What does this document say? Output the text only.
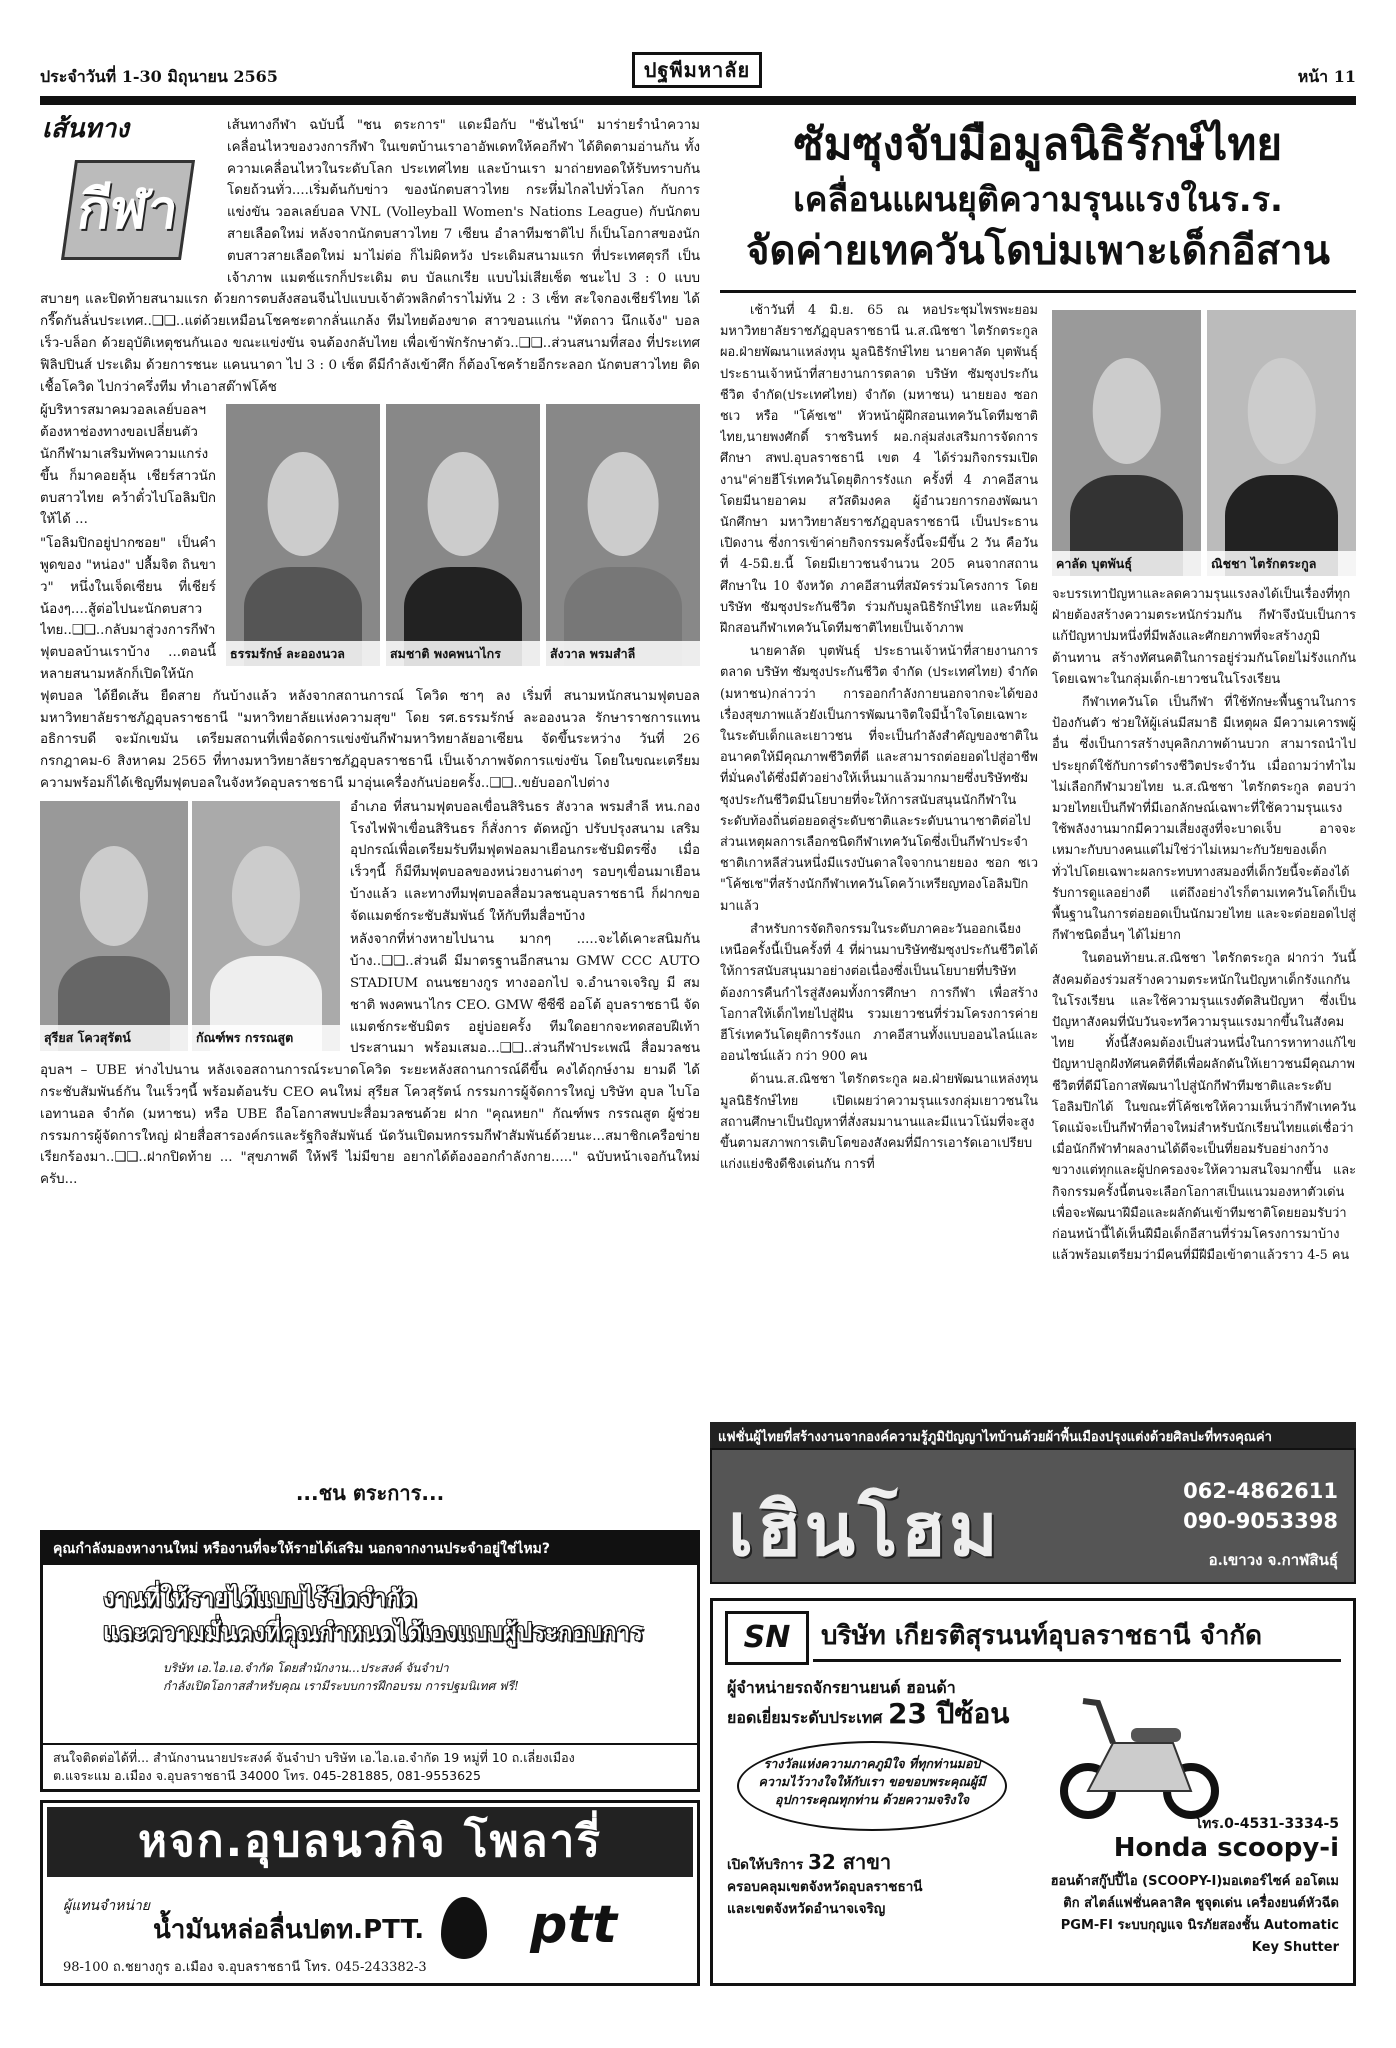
ประจำวันที่ 1-30 มิถุนายน 2565	หน้า 11
ปฐพีมหาลัย
เส้นทาง
กีฬา

เส้นทางกีฬา ฉบับนี้ "ชน ตระการ" แดะมือกับ "ชันไชน์" มาร่ายรำนำความเคลื่อนไหวของวงการกีฬา ในเขตบ้านเราอาอัพเดทให้คอกีฬา ได้ติดตามอ่านกัน ทั้งความเคลื่อนไหวในระดับโลก ประเทศไทย และบ้านเรา มาถ่ายทอดให้รับทราบกันโดยถ้วนทั่ว....เริ่มต้นกับข่าว ของนักตบสาวไทย กระหึ่มไกลไปทั่วโลก กับการแข่งขัน วอลเลย์บอล VNL (Volleyball Women's Nations League) กับนักตบสายเลือดใหม่ หลังจากนักตบสาวไทย 7 เซียน อำลาทีมชาติไป ก็เป็นโอกาสของนักตบสาวสายเลือดใหม่ มาไม่ต่อ ก็ไม่ผิดหวัง ประเดิมสนามแรก ที่ประเทศตุรกี เป็นเจ้าภาพ แมตช์แรกก็ประเดิม ตบ บัลแกเรีย แบบไม่เสียเซ็ต ชนะไป 3 : 0 แบบสบายๆ และปิดท้ายสนามแรก ด้วยการตบส้งสอนจีนไปแบบเจ้าตัวพลิกตำราไม่ทัน 2 : 3 เซ็ท สะใจกองเชียร์ไทย ได้กรี๊ดกันลั่นประเทศ..❑❑..แต่ด้วยเหมือนโชคชะตากลั่นแกล้ง ทีมไทยต้องขาด สาวขอนแก่น "หัตถาว นึกแจ้ง" บอลเร็ว-บล็อก ด้วยอุบัติเหตุชนกันเอง ขณะแข่งขัน จนต้องกลับไทย เพื่อเข้าพักรักษาตัว..❑❑..ส่วนสนามที่สอง ที่ประเทศฟิลิปปินส์ ประเดิม ด้วยการชนะ แคนนาดา ไป 3 : 0 เซ็ต ดีมีกำลังเข้าศึก ก็ต้องโชคร้ายอีกระลอก นักตบสาวไทย ติดเชื้อโควิด ไปกว่าครึ่งทีม ทำเอาสต๊าฟโค้ช

ธรรมรักษ์ ละอองนวล	สมชาติ พงคพนาไกร	สังวาล พรมสำลี

ผู้บริหารสมาคมวอลเลย์บอลฯ ต้องหาช่องทางขอเปลี่ยนตัวนักกีฬามาเสริมทัพความแกร่งขึ้น ก็มาคอยลุ้น เชียร์สาวนักตบสาวไทย คว้าตั๋วไปโอลิมปิก ให้ได้ ...

"โอลิมปิกอยู่ปากซอย" เป็นคำพูดของ "หน่อง" ปลื้มจิต ถินขาว" หนึ่งในเจ็ดเซียน ที่เชียร์น้องๆ....สู้ต่อไปนะนักตบสาวไทย..❑❑..กลับมาสู่วงการกีฬาฟุตบอลบ้านเราบ้าง ...ตอนนี้หลายสนามหลักก็เปิดให้นักฟุตบอล ได้ยืดเส้น ยืดสาย กันบ้างแล้ว หลังจากสถานการณ์ โควิด ซาๆ ลง เริ่มที่ สนามหนักสนามฟุตบอล มหาวิทยาลัยราชภัฏอุบลราชธานี "มหาวิทยาลัยแห่งความสุข" โดย รศ.ธรรมรักษ์ ละอองนวล รักษาราชการแทนอธิการบดี จะมักเขมัน เตรียมสถานที่เพื่อจัดการแข่งขันกีฬามหาวิทยาลัยอาเซียน จัดขึ้นระหว่าง วันที่ 26 กรกฎาคม-6 สิงหาคม 2565 ที่ทางมหาวิทยาลัยราชภัฏอุบลราชธานี เป็นเจ้าภาพจัดการแข่งขัน โดยในขณะเตรียมความพร้อมก็ได้เชิญทีมฟุตบอลในจังหวัดอุบลราชธานี มาอุ่นเครื่องกันบ่อยครั้ง..❑❑..ขยับออกไปต่าง

สุรียส โควสุรัตน์	กัณฑ์พร กรรณสูต

อำเภอ ที่สนามฟุตบอลเขื่อนสิรินธร สังวาล พรมสำลี หน.กองโรงไฟฟ้าเขื่อนสิรินธร ก็สั่งการ ตัดหญ้า ปรับปรุงสนาม เสริมอุปกรณ์เพื่อเตรียมรับทีมฟุตฟอลมาเยือนกระชับมิตรซึ่ง เมื่อเร็วๆนี้ ก็มีทีมฟุตบอลของหน่วยงานต่างๆ รอบๆเขื่อนมาเยือนบ้างแล้ว และทางทีมฟุตบอลสื่อมวลชนอุบลราชธานี ก็ฝากขอจัดแมตช์กระชับสัมพันธ์ ให้กับทีมสื่อฯบ้าง

หลังจากที่ห่างหายไปนาน มากๆ .....จะได้เคาะสนิมกันบ้าง..❑❑..ส่วนดี มีมาตรฐานอีกสนาม GMW CCC AUTO STADIUM ถนนชยางกูร ทางออกไป จ.อำนาจเจริญ มี สมชาติ พงคพนาไกร CEO. GMW ซีซีซี ออโต้ อุบลราชธานี จัดแมตช์กระชับมิตร อยู่บ่อยครั้ง ทีมใดอยากจะทดสอบฝีเท้า ประสานมา พร้อมเสมอ...❑❑..ส่วนกีฬาประเพณี สื่อมวลชนอุบลฯ – UBE ห่างไปนาน หลังเจอสถานการณ์ระบาดโควิด ระยะหลังสถานการณ์ดีขึ้น คงได้ฤกษ์งาม ยามดี ได้กระชับสัมพันธ์กัน ในเร็วๆนี้ พร้อมต้อนรับ CEO คนใหม่ สุรียส โควสุรัตน์ กรรมการผู้จัดการใหญ่ บริษัท อุบล ไบโอ เอทานอล จำกัด (มหาชน) หรือ UBE ถือโอกาสพบปะสื่อมวลชนด้วย ฝาก "คุณหยก" กัณฑ์พร กรรณสูต ผู้ช่วยกรรมการผู้จัดการใหญ่ ฝ่ายสื่อสารองค์กรและรัฐกิจสัมพันธ์ นัดวันเปิดมหกรรมกีฬาสัมพันธ์ด้วยนะ...สมาชิกเครือข่ายเรียกร้องมา..❑❑..ฝากปิดท้าย ... "สุขภาพดี ให้ฟรี ไม่มีขาย อยากได้ต้องออกกำลังกาย....." ฉบับหน้าเจอกันใหม่ครับ...

...ชน ตระการ...
ซัมซุงจับมือมูลนิธิรักษ์ไทย
เคลื่อนแผนยุติความรุนแรงในร.ร.
จัดค่ายเทควันโดบ่มเพาะเด็กอีสาน

เช้าวันที่ 4 มิ.ย. 65 ณ หอประชุมไพรพะยอม มหาวิทยาลัยราชภัฏอุบลราชธานี น.ส.ณิชชา ไตรักตระกูล ผอ.ฝ่ายพัฒนาแหล่งทุน มูลนิธิรักษ์ไทย นายคาลัด บุตพันธุ์ ประธานเจ้าหน้าที่สายงานการตลาด บริษัท ซัมซุงประกันชีวิต จำกัด(ประเทศไทย) จำกัด (มหาชน) นายยอง ซอก ชเว หรือ "โค้ชเช" หัวหน้าผู้ฝึกสอนเทควันโดทีมชาติไทย,นายพงศักดิ์ ราชรินทร์ ผอ.กลุ่มส่งเสริมการจัดการศึกษา สพป.อุบลราชธานี เขต 4 ได้ร่วมกิจกรรมเปิดงาน"ค่ายฮีโร่เทควันโดยุติการรังแก ครั้งที่ 4 ภาคอีสาน โดยมีนายอาคม สวัสดิมงคล ผู้อำนวยการกองพัฒนานักศึกษา มหาวิทยาลัยราชภัฏอุบลราชธานี เป็นประธานเปิดงาน ซึ่งการเข้าค่ายกิจกรรมครั้งนี้จะมีขึ้น 2 วัน คือวันที่ 4-5มิ.ย.นี้ โดยมีเยาวชนจำนวน 205 คนจากสถานศึกษาใน 10 จังหวัด ภาคอีสานที่สมัครร่วมโครงการ โดยบริษัท ซัมซุงประกันชีวิต ร่วมกับมูลนิธิรักษ์ไทย และทีมผู้ฝึกสอนกีฬาเทควันโดทีมชาติไทยเป็นเจ้าภาพ

นายคาลัด บุตพันธุ์ ประธานเจ้าหน้าที่สายงานการตลาด บริษัท ซัมซุงประกันชีวิต จำกัด (ประเทศไทย) จำกัด (มหาชน)กล่าวว่า การออกกำลังกายนอกจากจะได้ของเรื่องสุขภาพแล้วยังเป็นการพัฒนาจิตใจมีน้ำใจโดยเฉพาะในระดับเด็กและเยาวชน ที่จะเป็นกำลังสำคัญของชาติในอนาคตให้มีคุณภาพชีวิตที่ดี และสามารถต่อยอดไปสู่อาชีพที่มั่นคงได้ซึ่งมีตัวอย่างให้เห็นมาแล้วมากมายซึ่งบริษัทซัมซุงประกันชีวิตมีนโยบายที่จะให้การสนับสนุนนักกีฬาในระดับท้องถิ่นต่อยอดสู่ระดับชาติและระดับนานาชาติต่อไป ส่วนเหตุผลการเลือกชนิดกีฬาเทควันโดซึ่งเป็นกีฬาประจำชาติเกาหลีส่วนหนึ่งมีแรงบันดาลใจจากนายยอง ซอก ชเว "โค้ชเช"ที่สร้างนักกีฬาเทควันโดคว้าเหรียญทองโอลิมปิกมาแล้ว

สำหรับการจัดกิจกรรมในระดับภาคอะวันออกเฉียงเหนือครั้งนี้เป็นครั้งที่ 4 ที่ผ่านมาบริษัทซัมซุงประกันชีวิตได้ให้การสนับสนุนมาอย่างต่อเนื่องซึ่งเป็นนโยบายที่บริษัทต้องการคืนกำไรสู่สังคมทั้งการศึกษา การกีฬา เพื่อสร้างโอกาสให้เด็กไทยไปสู่ฝัน รวมเยาวชนที่ร่วมโครงการค่ายฮีโร่เทควันโดยุติการรังแก ภาคอีสานทั้งแบบออนไลน์และออนไซน์แล้ว กว่า 900 คน

ด้านน.ส.ณิชชา ไตรักตระกูล ผอ.ฝ่ายพัฒนาแหล่งทุน มูลนิธิรักษ์ไทย เปิดเผยว่าความรุนแรงกลุ่มเยาวชนในสถานศึกษาเป็นปัญหาที่สั่งสมมานานและมีแนวโน้มที่จะสูงขึ้นตามสภาพการเติบโตของสังคมที่มีการเอารัดเอาเปรียบแก่งแย่งชิงดีชิงเด่นกัน การที่

คาลัด บุตพันธุ์	ณิชชา ไตรักตระกูล

จะบรรเทาปัญหาและลดความรุนแรงลงได้เป็นเรื่องที่ทุกฝ่ายต้องสร้างความตระหนักร่วมกัน กีฬาจึงนับเป็นการแก้ปัญหาปมหนึ่งที่มีพลังและศักยภาพที่จะสร้างภูมิต้านทาน สร้างทัศนคติในการอยู่ร่วมกันโดยไม่รังแกกันโดยเฉพาะในกลุ่มเด็ก-เยาวชนในโรงเรียน

กีฬาเทควันโด เป็นกีฬา ที่ใช้ทักษะพื้นฐานในการป้องกันตัว ช่วยให้ผู้เล่นมีสมาธิ มีเหตุผล มีความเคารพผู้อื่น ซึ่งเป็นการสร้างบุคลิกภาพด้านบวก สามารถนำไปประยุกต์ใช้กับการดำรงชีวิตประจำวัน เมื่อถามว่าทำไมไม่เลือกกีฬามวยไทย น.ส.ณิชชา ไตรักตระกูล ตอบว่ามวยไทยเป็นกีฬาที่มีเอกลักษณ์เฉพาะที่ใช้ความรุนแรงใช้พลังงานมากมีความเสี่ยงสูงที่จะบาดเจ็บ อาจจะเหมาะกับบางคนแต่ไม่ใช่ว่าไม่เหมาะกับวัยของเด็กทั่วไปโดยเฉพาะผลกระทบทางสมองที่เด็กวัยนี้จะต้องได้รับการดูแลอย่างดี แต่ถึงอย่างไรก็ตามเทควันโดก็เป็นพื้นฐานในการต่อยอดเป็นนักมวยไทย และจะต่อยอดไปสู่กีฬาชนิดอื่นๆ ได้ไม่ยาก

ในตอนท้ายน.ส.ณิชชา ไตรักตระกูล ฝากว่า วันนี้สังคมต้องร่วมสร้างความตระหนักในปัญหาเด็กรังแกกันในโรงเรียน และใช้ความรุนแรงตัดสินปัญหา ซึ่งเป็นปัญหาสังคมที่นับวันจะทวีความรุนแรงมากขึ้นในสังคมไทย ทั้งนี้สังคมต้องเป็นส่วนหนึ่งในการหาทางแก้ไขปัญหาปลูกฝังทัศนคติที่ดีเพื่อผลักดันให้เยาวชนมีคุณภาพชีวิตที่ดีมีโอกาสพัฒนาไปสู่นักกีฬาทีมชาติและระดับโอลิมปิกได้ ในขณะที่โค้ชเชให้ความเห็นว่ากีฬาเทควันโดแม้จะเป็นกีฬาที่อาจใหม่สำหรับนักเรียนไทยแต่เชื่อว่าเมื่อนักกีฬาทำผลงานได้ดีจะเป็นที่ยอมรับอย่างกว้างขวางแต่ทุกและผู้ปกครองจะให้ความสนใจมากขึ้น และกิจกรรมครั้งนี้ตนจะเลือกโอกาสเป็นแนวมองหาตัวเด่นเพื่อจะพัฒนาฝีมือและผลักดันเข้าทีมชาติโดยยอมรับว่าก่อนหน้านี้ได้เห็นฝีมือเด็กอีสานที่ร่วมโครงการมาบ้างแล้วพร้อมเตรียมว่ามีคนที่มีฝีมือเข้าตาแล้วราว 4-5 คน

แฟชั่นผู้ไทยที่สร้างงานจากองค์ความรู้ภูมิปัญญาไทบ้านด้วยผ้าพื้นเมืองปรุงแต่งด้วยศิลปะที่ทรงคุณค่า
เฮินโฮม	062-4862611
090-9053398
อ.เขาวง จ.กาฬสินธุ์
คุณกำลังมองหางานใหม่ หรืองานที่จะให้รายได้เสริม นอกจากงานประจำอยู่ใช่ไหม?
งานที่ให้รายได้แบบไร้ขีดจำกัด
และความมั่นคงที่คุณกำหนดได้เองแบบผู้ประกอบการ
บริษัท เอ.ไอ.เอ.จำกัด โดยสำนักงาน...ประสงค์ จันจำปา
กำลังเปิดโอกาสสำหรับคุณ เรามีระบบการฝึกอบรม การปฐมนิเทศ ฟรี!
สนใจติดต่อได้ที่... สำนักงานนายประสงค์ จันจำปา บริษัท เอ.ไอ.เอ.จำกัด 19 หมู่ที่ 10 ถ.เลี่ยงเมือง
ต.แจระแม อ.เมือง จ.อุบลราชธานี 34000 โทร. 045-281885, 081-9553625
หจก.อุบลนวกิจ โพลารี่
ผู้แทนจำหน่าย
น้ำมันหล่อลื่นปตท.PTT. ptt
98-100 ถ.ชยางกูร อ.เมือง จ.อุบลราชธานี โทร. 045-243382-3
SN	บริษัท เกียรติสุรนนท์อุบลราชธานี จำกัด
ผู้จำหน่ายรถจักรยานยนต์ ฮอนด้า
ยอดเยี่ยมระดับประเทศ 23 ปีซ้อน
รางวัลแห่งความภาคภูมิใจ ที่ทุกท่านมอบความไว้วางใจให้กับเรา ขอขอบพระคุณผู้มีอุปการะคุณทุกท่าน ด้วยความจริงใจ
เปิดให้บริการ 32 สาขา
ครอบคลุมเขตจังหวัดอุบลราชธานี
และเขตจังหวัดอำนาจเจริญ
โทร.0-4531-3334-5
Honda scoopy-i
ฮอนด้าสกู๊ปปี้ไอ (SCOOPY-I)มอเตอร์ไซค์ ออโตเมติก สไตล์แฟชั่นคลาสิค ชูจุดเด่น เครื่องยนต์หัวฉีด PGM-FI ระบบกุญแจ นิรภัยสองชั้น Automatic Key Shutter
